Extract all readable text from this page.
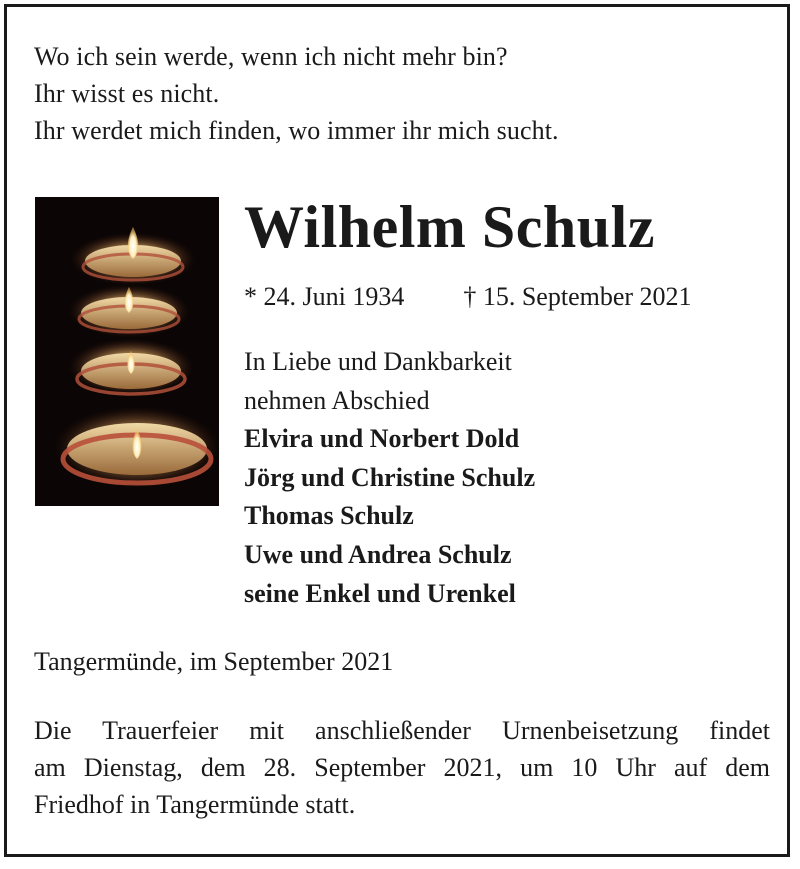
Wo ich sein werde, wenn ich nicht mehr bin?
Ihr wisst es nicht.
Ihr werdet mich finden, wo immer ihr mich sucht.
Wilhelm Schulz
* 24. Juni 1934 † 15. September 2021
In Liebe und Dankbarkeit
nehmen Abschied
Elvira und Norbert Dold
Jörg und Christine Schulz
Thomas Schulz
Uwe und Andrea Schulz
seine Enkel und Urenkel
Tangermünde, im September 2021
Die Trauerfeier mit anschließender Urnenbeisetzung findet
am Dienstag, dem 28. September 2021, um 10 Uhr auf dem
Friedhof in Tangermünde statt.
